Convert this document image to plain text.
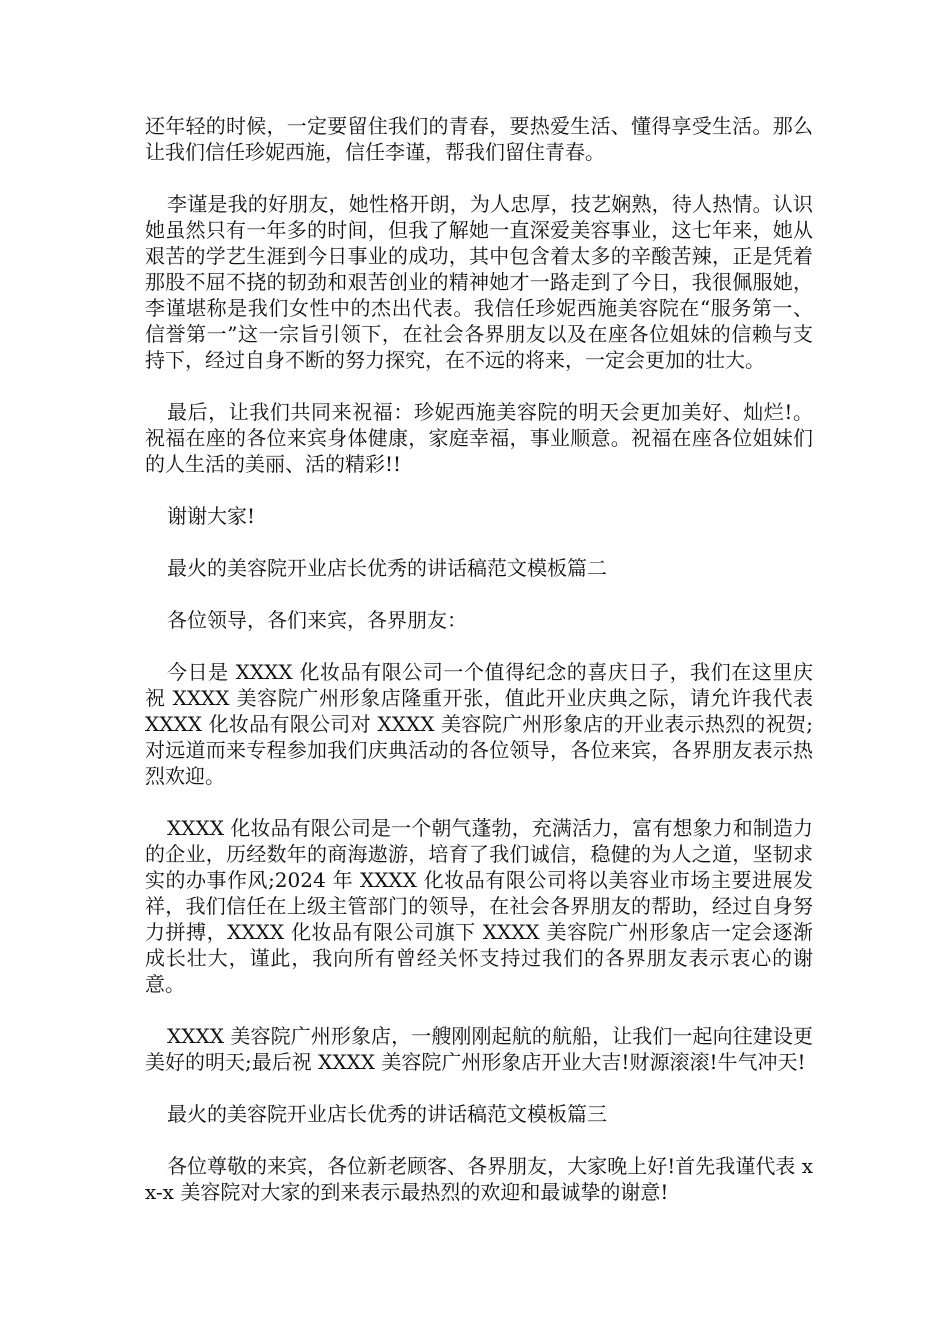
还年轻的时候，一定要留住我们的青春，要热爱生活、懂得享受生活。那么让我们信任珍妮西施，信任李谨，帮我们留住青春。

李谨是我的好朋友，她性格开朗，为人忠厚，技艺娴熟，待人热情。认识她虽然只有一年多的时间，但我了解她一直深爱美容事业，这七年来，她从艰苦的学艺生涯到今日事业的成功，其中包含着太多的辛酸苦辣，正是凭着那股不屈不挠的韧劲和艰苦创业的精神她才一路走到了今日，我很佩服她，李谨堪称是我们女性中的杰出代表。我信任珍妮西施美容院在“服务第一、信誉第一”这一宗旨引领下，在社会各界朋友以及在座各位姐妹的信赖与支持下，经过自身不断的努力探究，在不远的将来，一定会更加的壮大。

最后，让我们共同来祝福：珍妮西施美容院的明天会更加美好、灿烂!。祝福在座的各位来宾身体健康，家庭幸福，事业顺意。祝福在座各位姐妹们的人生活的美丽、活的精彩!!

谢谢大家!

最火的美容院开业店长优秀的讲话稿范文模板篇二

各位领导，各们来宾，各界朋友：

今日是 XXXX 化妆品有限公司一个值得纪念的喜庆日子，我们在这里庆祝 XXXX 美容院广州形象店隆重开张，值此开业庆典之际，请允许我代表 XXXX 化妆品有限公司对 XXXX 美容院广州形象店的开业表示热烈的祝贺;对远道而来专程参加我们庆典活动的各位领导，各位来宾，各界朋友表示热烈欢迎。

XXXX 化妆品有限公司是一个朝气蓬勃，充满活力，富有想象力和制造力的企业，历经数年的商海遨游，培育了我们诚信，稳健的为人之道，坚韧求实的办事作风;2024 年 XXXX 化妆品有限公司将以美容业市场主要进展发祥，我们信任在上级主管部门的领导，在社会各界朋友的帮助，经过自身努力拼搏，XXXX 化妆品有限公司旗下 XXXX 美容院广州形象店一定会逐渐成长壮大，谨此，我向所有曾经关怀支持过我们的各界朋友表示衷心的谢意。

XXXX 美容院广州形象店，一艘刚刚起航的航船，让我们一起向往建设更美好的明天;最后祝 XXXX 美容院广州形象店开业大吉!财源滚滚!牛气冲天!

最火的美容院开业店长优秀的讲话稿范文模板篇三

各位尊敬的来宾，各位新老顾客、各界朋友，大家晚上好!首先我谨代表 xx-x 美容院对大家的到来表示最热烈的欢迎和最诚挚的谢意!
